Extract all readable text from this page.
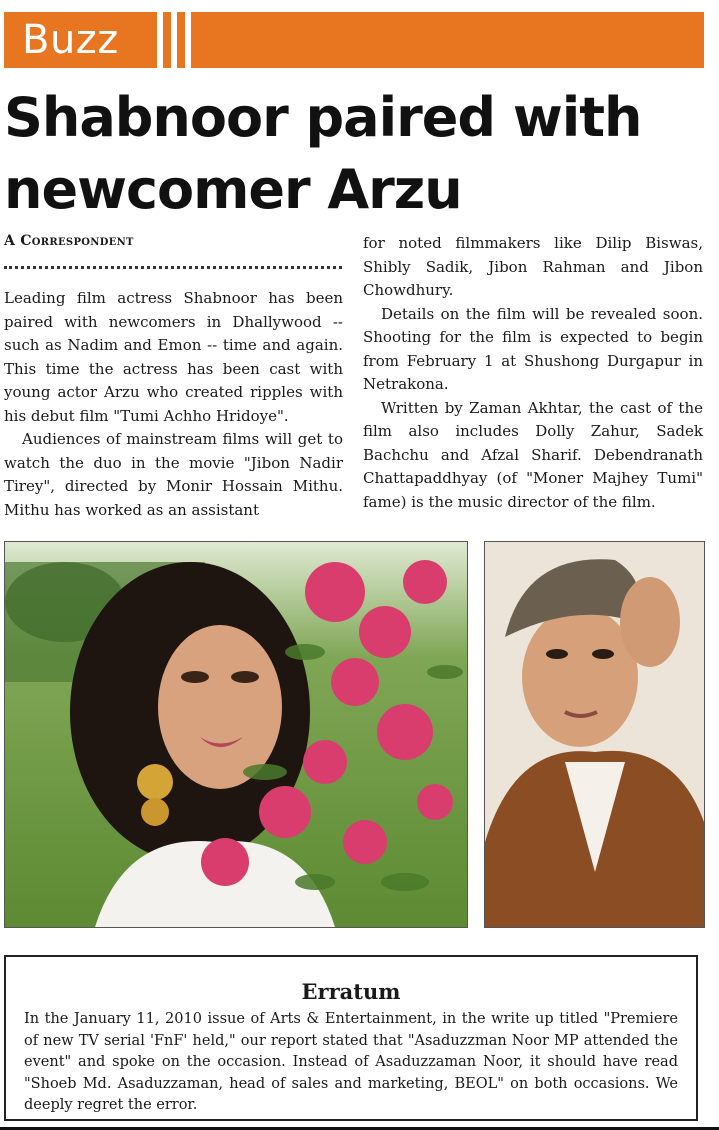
Buzz
Shabnoor paired with
newcomer Arzu
A Correspondent

Leading film actress Shabnoor has been paired with newcomers in Dhallywood -- such as Nadim and Emon -- time and again. This time the actress has been cast with young actor Arzu who created ripples with his debut film "Tumi Achho Hridoye".

Audiences of mainstream films will get to watch the duo in the movie "Jibon Nadir Tirey", directed by Monir Hossain Mithu. Mithu has worked as an assistant

for noted filmmakers like Dilip Biswas, Shibly Sadik, Jibon Rahman and Jibon Chowdhury.

Details on the film will be revealed soon. Shooting for the film is expected to begin from February 1 at Shushong Durgapur in Netrakona.

Written by Zaman Akhtar, the cast of the film also includes Dolly Zahur, Sadek Bachchu and Afzal Sharif. Debendranath Chattapaddhyay (of "Moner Majhey Tumi" fame) is the music director of the film.

Erratum

In the January 11, 2010 issue of Arts & Entertainment, in the write up titled "Premiere of new TV serial 'FnF' held," our report stated that "Asaduzzman Noor MP attended the event" and spoke on the occasion. Instead of Asaduzzaman Noor, it should have read "Shoeb Md. Asaduzzaman, head of sales and marketing, BEOL" on both occasions. We deeply regret the error.
